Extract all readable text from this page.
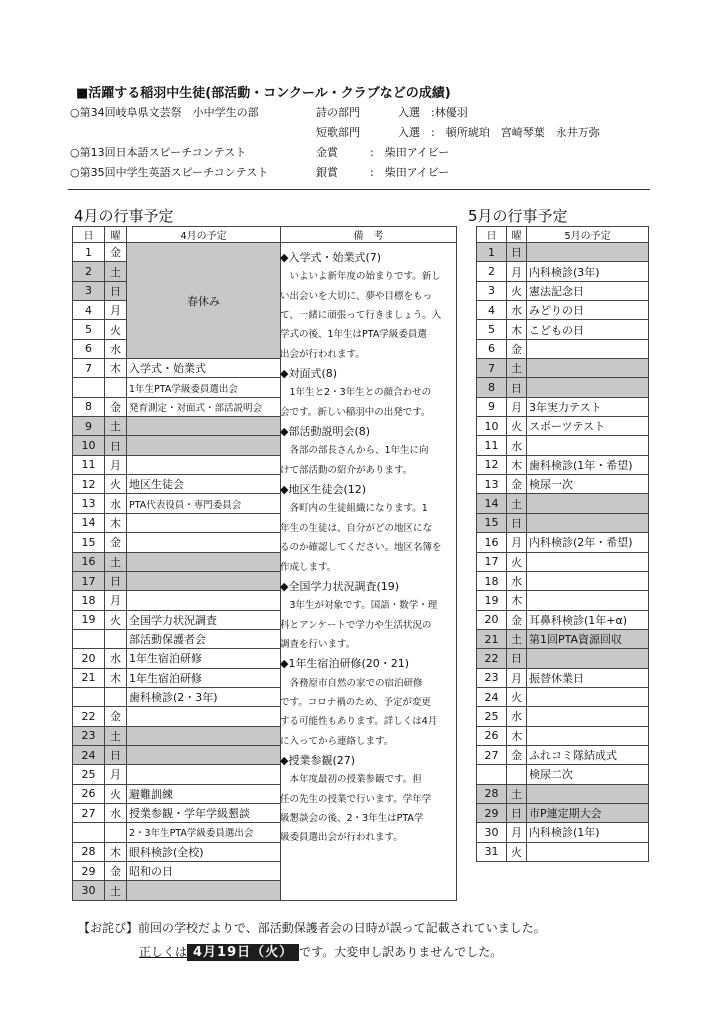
■活躍する稲羽中生徒(部活動・コンクール・クラブなどの成績)
○第34回岐阜県文芸祭　小中学生の部	詩の部門	入選　:林優羽
短歌部門	入選　:　頓所琥珀　宮崎琴葉　永井万弥
○第13回日本語スピーチコンテスト	金賞	:　柴田アイビー
○第35回中学生英語スピーチコンテスト	銀賞	:　柴田アイビー
4月の行事予定	5月の行事予定
日	曜	4月の予定	備　考
1	金	春休み	
2	土		
3	日		
4	月		
5	火		
6	水		
7	木	入学式・始業式	
		1年生PTA学級委員選出会	
8	金	発育測定・対面式・部活説明会	
9	土		
10	日		
11	月		
12	火	地区生徒会	
13	水	PTA代表役員・専門委員会	
14	木		
15	金		
16	土		
17	日		
18	月		
19	火	全国学力状況調査	
		部活動保護者会	
20	水	1年生宿泊研修	
21	木	1年生宿泊研修	
		歯科検診(2・3年)	
22	金		
23	土		
24	日		
25	月		
26	火	避難訓練	
27	水	授業参観・学年学級懇談	
		2・3年生PTA学級委員選出会	
28	木	眼科検診(全校)	
29	金	昭和の日	
30	土		

◆入学式・始業式(7)

　いよいよ新年度の始まりです。新し

い出会いを大切に、夢や目標をもっ

て、一緒に頑張って行きましょう。入

学式の後、1年生はPTA学級委員選

出会が行われます。

◆対面式(8)

　1年生と2・3年生との顔合わせの

会です。新しい稲羽中の出発です。

◆部活動説明会(8)

　各部の部長さんから、1年生に向

けて部活動の紹介があります。

◆地区生徒会(12)

　各町内の生徒組織になります。1

年生の生徒は、自分がどの地区にな

るのか確認してください。地区名簿を

作成します。

◆全国学力状況調査(19)

　3年生が対象です。国語・数学・理

科とアンケートで学力や生活状況の

調査を行います。

◆1年生宿泊研修(20・21)

　各務原市自然の家での宿泊研修

です。コロナ禍のため、予定が変更

する可能性もあります。詳しくは4月

に入ってから連絡します。

◆授業参観(27)

　本年度最初の授業参観です。担

任の先生の授業で行います。学年学

級懇談会の後、2・3年生はPTA学

級委員選出会が行われます。

日	曜	5月の予定
1	日	
2	月	内科検診(3年)
3	火	憲法記念日
4	水	みどりの日
5	木	こどもの日
6	金	
7	土	
8	日	
9	月	3年実力テスト
10	火	スポーツテスト
11	水	
12	木	歯科検診(1年・希望)
13	金	検尿一次
14	土	
15	日	
16	月	内科検診(2年・希望)
17	火	
18	水	
19	木	
20	金	耳鼻科検診(1年+α)
21	土	第1回PTA資源回収
22	日	
23	月	振替休業日
24	火	
25	水	
26	木	
27	金	ふれコミ隊結成式
		検尿二次
28	土	
29	日	市P連定期大会
30	月	内科検診(1年)
31	火	
【お詫び】前回の学校だよりで、部活動保護者会の日時が誤って記載されていました。
正しくは 4月19日（火） です。大変申し訳ありませんでした。
